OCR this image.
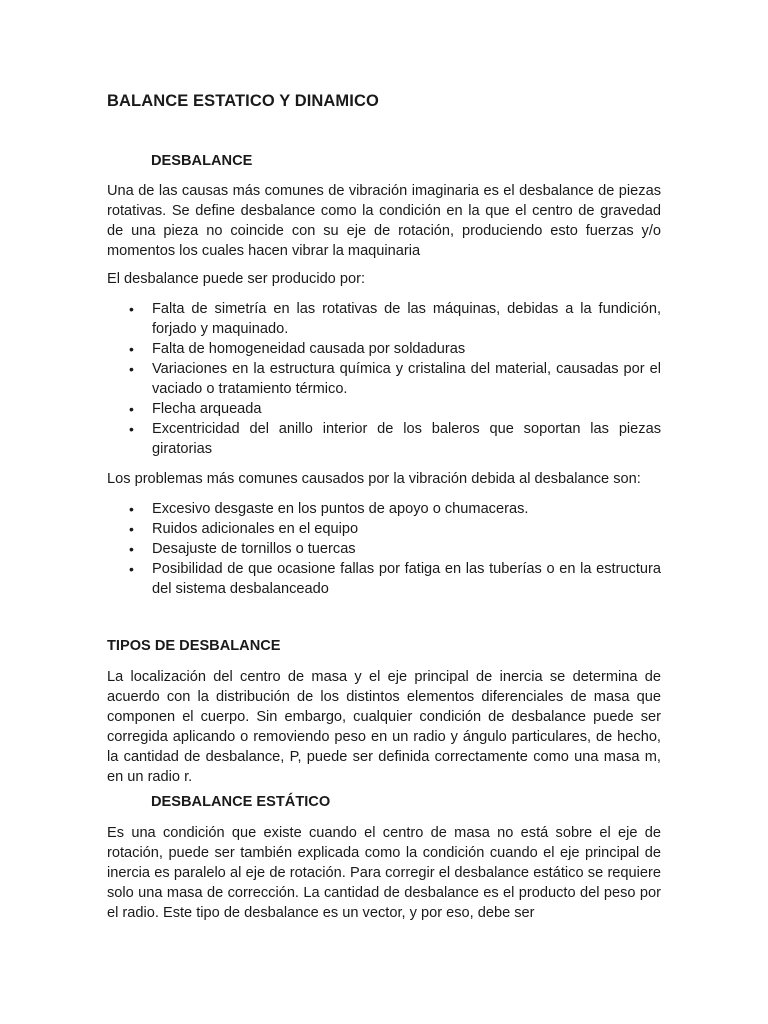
BALANCE ESTATICO Y DINAMICO
DESBALANCE

Una de las causas más comunes de vibración imaginaria es el desbalance de piezas rotativas. Se define desbalance como la condición en la que el centro de gravedad de una pieza no coincide con su eje de rotación, produciendo esto fuerzas y/o momentos los cuales hacen vibrar la maquinaria

El desbalance puede ser producido por:

• Falta de simetría en las rotativas de las máquinas, debidas a la fundición, forjado y maquinado.
• Falta de homogeneidad causada por soldaduras
• Variaciones en la estructura química y cristalina del material, causadas por el vaciado o tratamiento térmico.
• Flecha arqueada
• Excentricidad del anillo interior de los baleros que soportan las piezas giratorias

Los problemas más comunes causados por la vibración debida al desbalance son:

• Excesivo desgaste en los puntos de apoyo o chumaceras.
• Ruidos adicionales en el equipo
• Desajuste de tornillos o tuercas
• Posibilidad de que ocasione fallas por fatiga en las tuberías o en la estructura del sistema desbalanceado
TIPOS DE DESBALANCE

La localización del centro de masa y el eje principal de inercia se determina de acuerdo con la distribución de los distintos elementos diferenciales de masa que componen el cuerpo. Sin embargo, cualquier condición de desbalance puede ser corregida aplicando o removiendo peso en un radio y ángulo particulares, de hecho, la cantidad de desbalance, P, puede ser definida correctamente como una masa m, en un radio r.

DESBALANCE ESTÁTICO

Es una condición que existe cuando el centro de masa no está sobre el eje de rotación, puede ser también explicada como la condición cuando el eje principal de inercia es paralelo al eje de rotación. Para corregir el desbalance estático se requiere solo una masa de corrección. La cantidad de desbalance es el producto del peso por el radio. Este tipo de desbalance es un vector, y por eso, debe ser
